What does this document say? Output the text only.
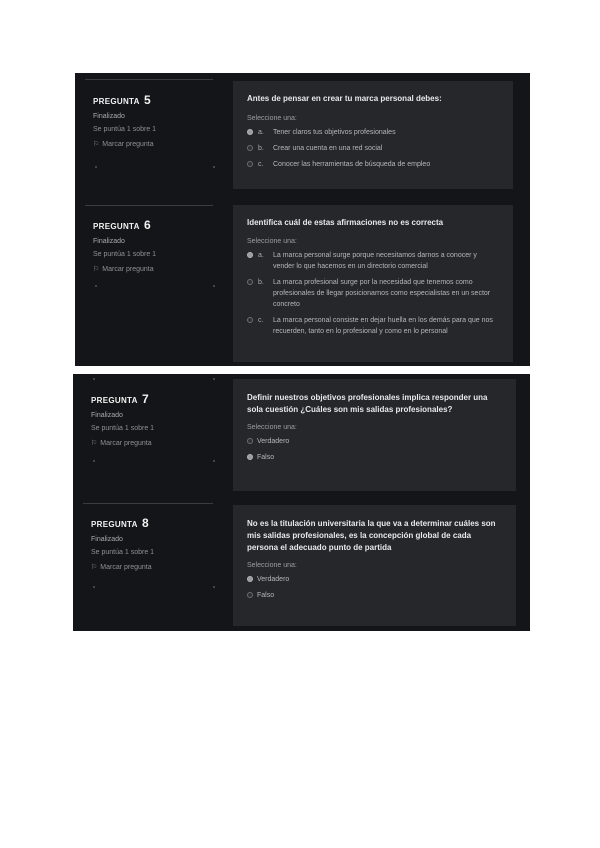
PREGUNTA 5
Finalizado
Se puntúa 1 sobre 1
⚐ Marcar pregunta
Antes de pensar en crear tu marca personal debes:
Seleccione una:
a. Tener claros tus objetivos profesionales
b. Crear una cuenta en una red social
c. Conocer las herramientas de búsqueda de empleo
PREGUNTA 6
Finalizado
Se puntúa 1 sobre 1
⚐ Marcar pregunta
Identifica cuál de estas afirmaciones no es correcta
Seleccione una:
a. La marca personal surge porque necesitamos darnos a conocer y vender lo que hacemos en un directorio comercial
b. La marca profesional surge por la necesidad que tenemos como profesionales de llegar posicionarnos como especialistas en un sector concreto
c. La marca personal consiste en dejar huella en los demás para que nos recuerden, tanto en lo profesional y como en lo personal
PREGUNTA 7
Finalizado
Se puntúa 1 sobre 1
⚐ Marcar pregunta
Definir nuestros objetivos profesionales implica responder una sola cuestión ¿Cuáles son mis salidas profesionales?
Seleccione una:
Verdadero
Falso
PREGUNTA 8
Finalizado
Se puntúa 1 sobre 1
⚐ Marcar pregunta
No es la titulación universitaria la que va a determinar cuáles son mis salidas profesionales, es la concepción global de cada persona el adecuado punto de partida
Seleccione una:
Verdadero
Falso
